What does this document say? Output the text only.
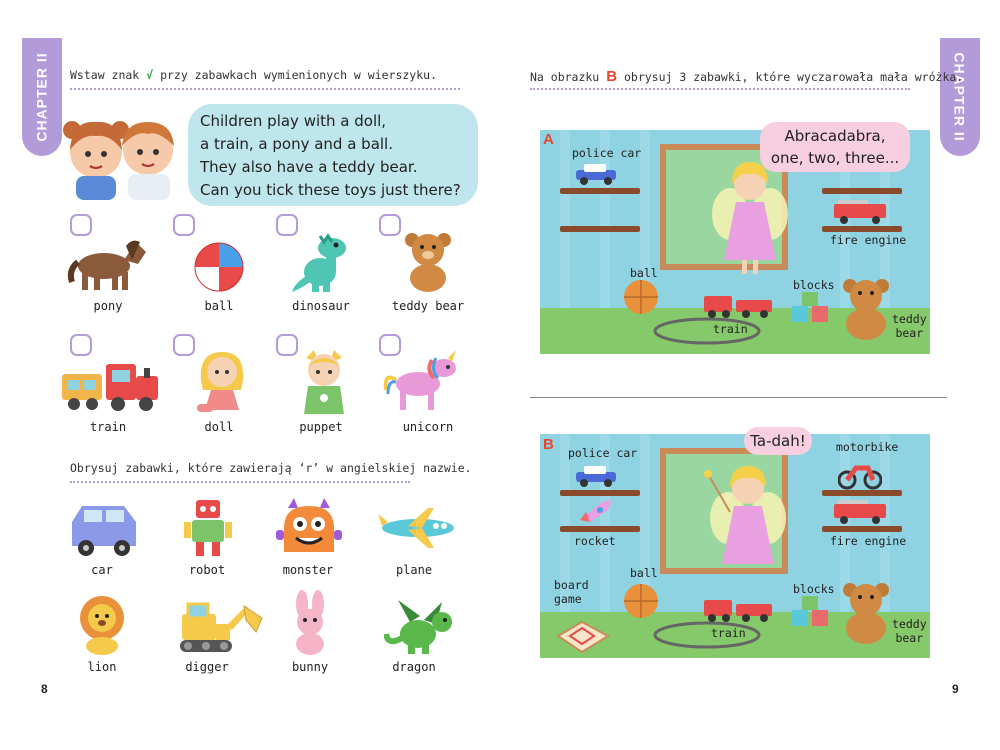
CHAPTER II Wstaw znak √ przy zabawkach wymienionych w wierszyku.
Children play with a doll,
a train, a pony and a ball.
They also have a teddy bear.
Can you tick these toys just there?
pony	ball	dinosaur	teddy bear
train	doll	puppet	unicorn
Obrysuj zabawki, które zawierają ‘r’ w angielskiej nazwie.
car	robot	monster	plane
lion	digger	bunny	dragon
8
CHAPTER II
Na obrazku B obrysuj 3 zabawki, które wyczarowała mała wróżka.
A	Abracadabra,
one, two, three...
police car
fire engine
ball
blocks
train
teddy
bear
B	Ta-dah!
police car	motorbike
rocket	fire engine
board
game
ball
blocks
train
teddy
bear
9
